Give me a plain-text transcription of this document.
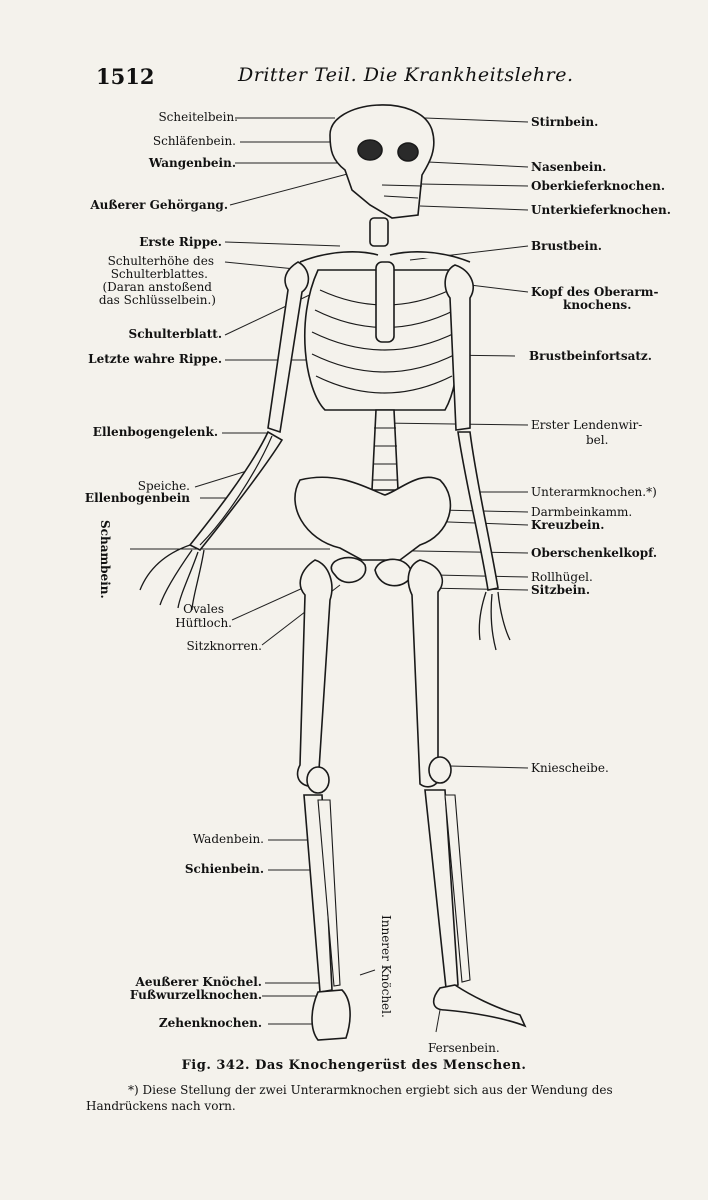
1512	Dritter Teil. Die Krankheitslehre.
Scheitelbein.
Schläfenbein.
Wangenbein.
Außerer Gehörgang.
Erste Rippe.
Schulterhöhe des
Schulterblattes.
(Daran anstoßend
das Schlüsselbein.)
Schulterblatt.
Letzte wahre Rippe.
Ellenbogengelenk.
Speiche.
Ellenbogenbein
Ovales
Hüftloch.
Sitzknorren.
Wadenbein.
Schienbein.
Aeußerer Knöchel.
Fußwurzelknochen.
Zehenknochen.
Stirnbein.
Nasenbein.
Oberkieferknochen.
Unterkieferknochen.
Brustbein.
Kopf des Oberarm-
knochens.
Brustbeinfortsatz.
Erster Lendenwir-
bel.
Unterarmknochen.*)
Darmbeinkamm.
Kreuzbein.
Oberschenkelkopf.
Rollhügel.
Sitzbein.
Kniescheibe.
Fersenbein.
Schambein.
Innerer Knöchel.
Fig. 342. Das Knochengerüst des Menschen.
*) Diese Stellung der zwei Unterarmknochen ergiebt sich aus der Wendung des
Handrückens nach vorn.
